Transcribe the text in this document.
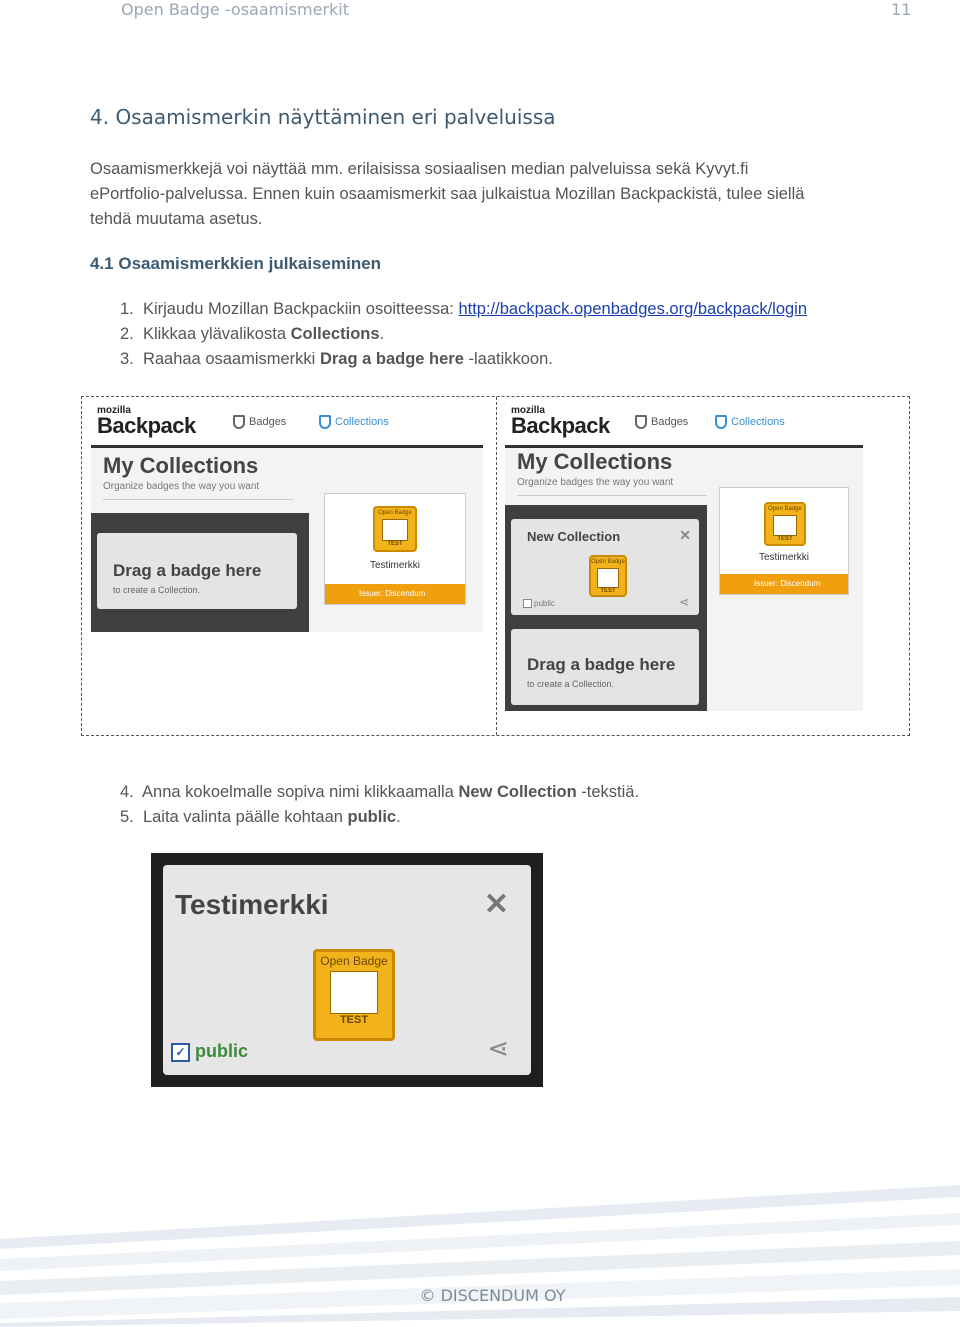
Open Badge -osaamismerkit	11
4. Osaamismerkin näyttäminen eri palveluissa
Osaamismerkkejä voi näyttää mm. erilaisissa sosiaalisen median palveluissa sekä Kyvyt.fi
ePortfolio-palvelussa. Ennen kuin osaamismerkit saa julkaistua Mozillan Backpackistä, tulee siellä
tehdä muutama asetus.
4.1 Osaamismerkkien julkaiseminen
1. Kirjaudu Mozillan Backpackiin osoitteessa: http://backpack.openbadges.org/backpack/login
2. Klikkaa ylävalikosta Collections.
3. Raahaa osaamismerkki Drag a badge here -laatikkoon.
mozilla
Backpack	Badges	Collections
My Collections
Organize badges the way you want
Drag a badge here
to create a Collection.
Open Badge
TEST
Testimerkki
Issuer: Discendum
mozilla
Backpack	Badges	Collections
My Collections
Organize badges the way you want
New Collection	✕
Open Badge
TEST
public	⋖
Drag a badge here
to create a Collection.
Open Badge
TEST
Testimerkki
Issuer: Discendum
4. Anna kokoelmalle sopiva nimi klikkaamalla New Collection -tekstiä.
5. Laita valinta päälle kohtaan public.
Testimerkki	✕
Open Badge
TEST
✓ public	⋖
© DISCENDUM OY
